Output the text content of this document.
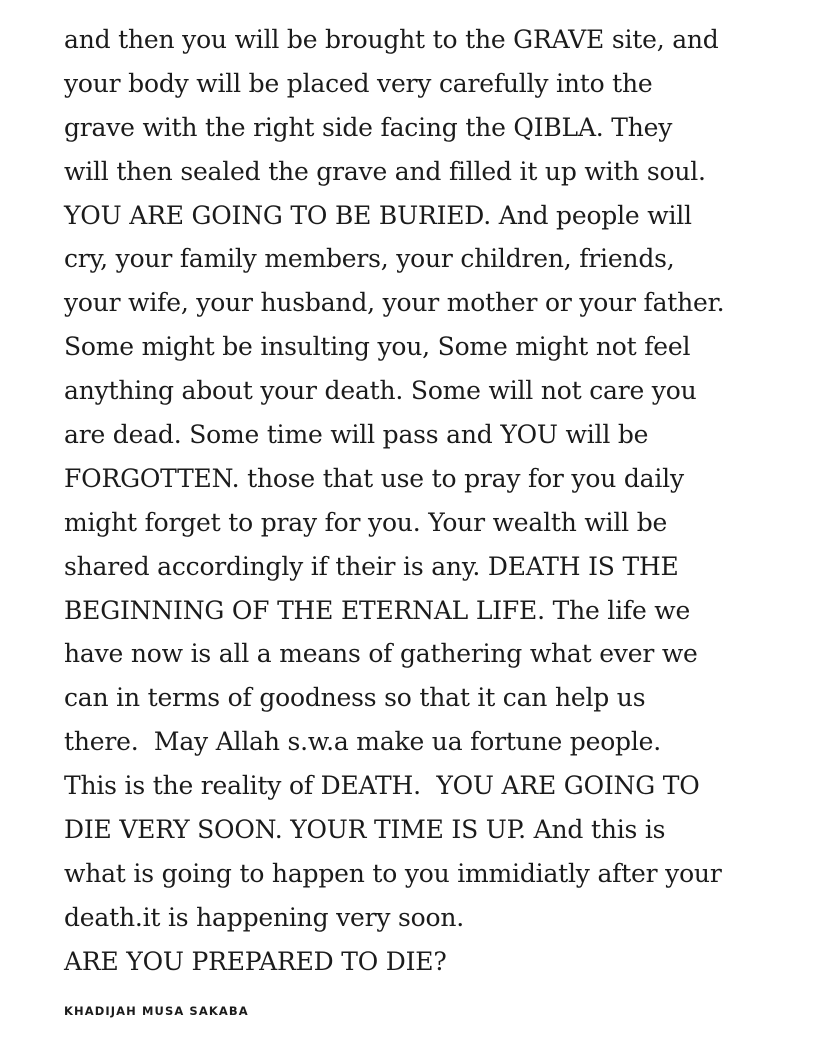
and then you will be brought to the GRAVE site, and
your body will be placed very carefully into the
grave with the right side facing the QIBLA. They
will then sealed the grave and filled it up with soul.
YOU ARE GOING TO BE BURIED. And people will
cry, your family members, your children, friends,
your wife, your husband, your mother or your father.
Some might be insulting you, Some might not feel
anything about your death. Some will not care you
are dead. Some time will pass and YOU will be
FORGOTTEN. those that use to pray for you daily
might forget to pray for you. Your wealth will be
shared accordingly if their is any. DEATH IS THE
BEGINNING OF THE ETERNAL LIFE. The life we
have now is all a means of gathering what ever we
can in terms of goodness so that it can help us
there.  May Allah s.w.a make ua fortune people.
This is the reality of DEATH.  YOU ARE GOING TO
DIE VERY SOON. YOUR TIME IS UP. And this is
what is going to happen to you immidiatly after your
death.it is happening very soon.
ARE YOU PREPARED TO DIE?

KHADIJAH MUSA SAKABA
